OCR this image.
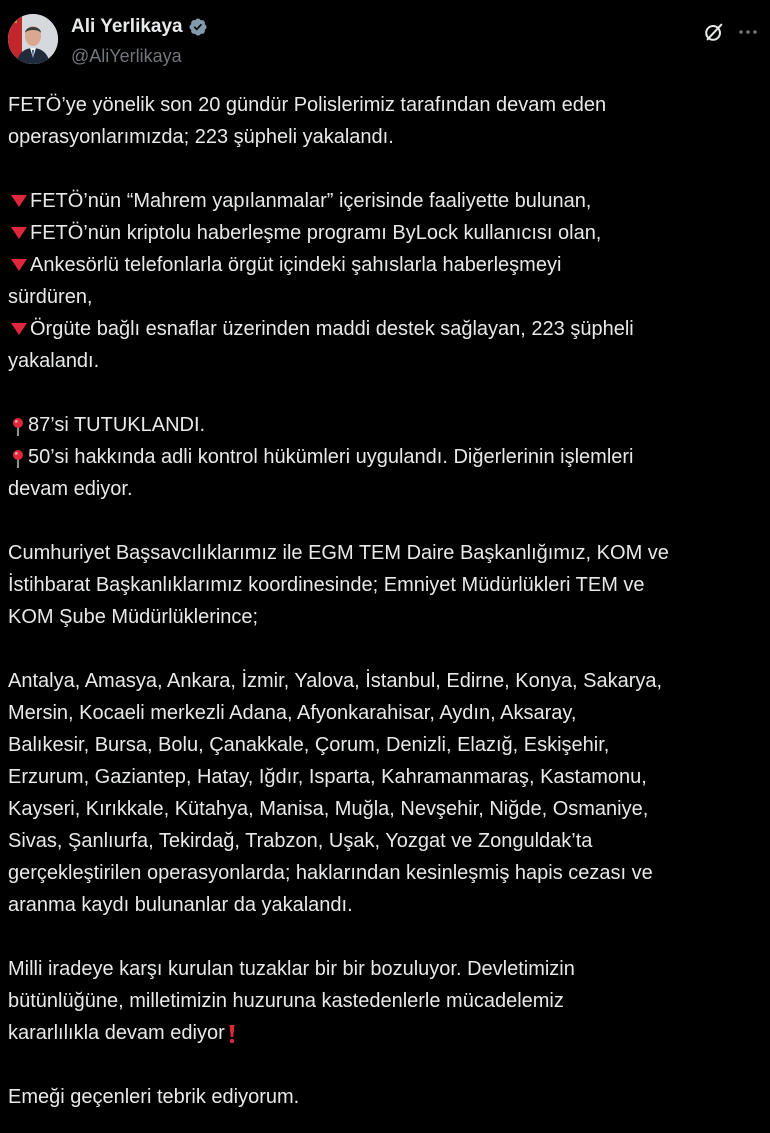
Ali Yerlikaya
@AliYerlikaya

FETÖ’ye yönelik son 20 gündür Polislerimiz tarafından devam eden
operasyonlarımızda; 223 şüpheli yakalandı.

FETÖ’nün “Mahrem yapılanmalar” içerisinde faaliyette bulunan,
FETÖ’nün kriptolu haberleşme programı ByLock kullanıcısı olan,
Ankesörlü telefonlarla örgüt içindeki şahıslarla haberleşmeyi
sürdüren,
Örgüte bağlı esnaflar üzerinden maddi destek sağlayan, 223 şüpheli
yakalandı.

87’si TUTUKLANDI.
50’si hakkında adli kontrol hükümleri uygulandı. Diğerlerinin işlemleri
devam ediyor.

Cumhuriyet Başsavcılıklarımız ile EGM TEM Daire Başkanlığımız, KOM ve
İstihbarat Başkanlıklarımız koordinesinde; Emniyet Müdürlükleri TEM ve
KOM Şube Müdürlüklerince;

Antalya, Amasya, Ankara, İzmir, Yalova, İstanbul, Edirne, Konya, Sakarya,
Mersin, Kocaeli merkezli Adana, Afyonkarahisar, Aydın, Aksaray,
Balıkesir, Bursa, Bolu, Çanakkale, Çorum, Denizli, Elazığ, Eskişehir,
Erzurum, Gaziantep, Hatay, Iğdır, Isparta, Kahramanmaraş, Kastamonu,
Kayseri, Kırıkkale, Kütahya, Manisa, Muğla, Nevşehir, Niğde, Osmaniye,
Sivas, Şanlıurfa, Tekirdağ, Trabzon, Uşak, Yozgat ve Zonguldak’ta
gerçekleştirilen operasyonlarda; haklarından kesinleşmiş hapis cezası ve
aranma kaydı bulunanlar da yakalandı.

Milli iradeye karşı kurulan tuzaklar bir bir bozuluyor. Devletimizin
bütünlüğüne, milletimizin huzuruna kastedenlerle mücadelemiz
kararlılıkla devam ediyor

Emeği geçenleri tebrik ediyorum.
